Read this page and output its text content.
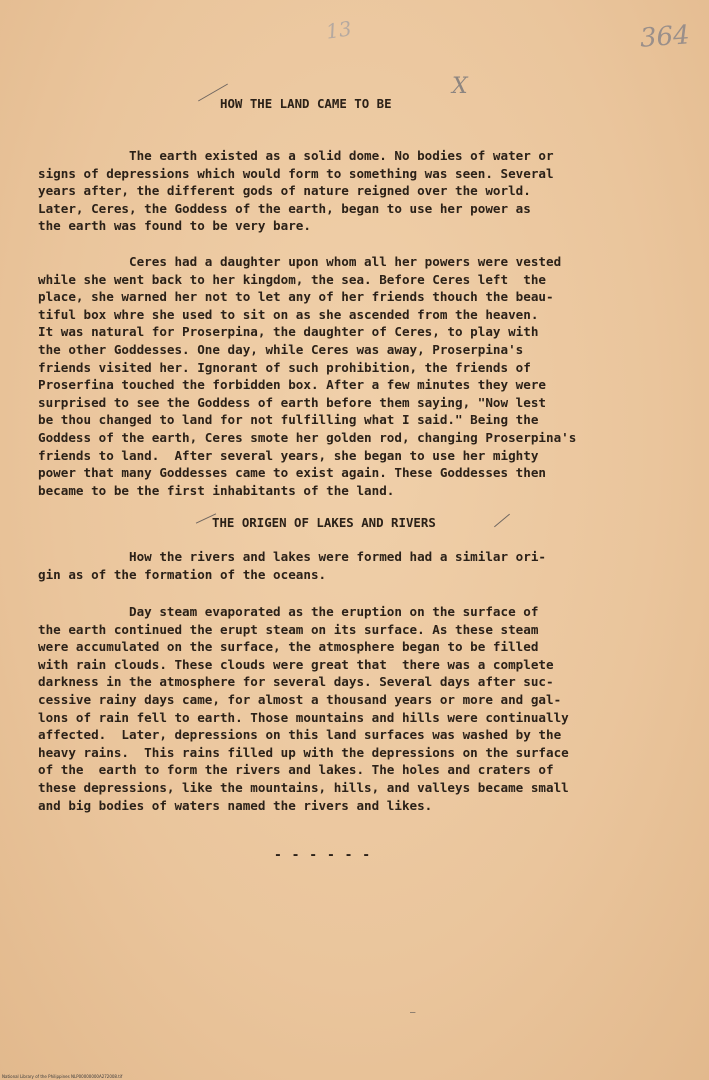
13	364
X
HOW THE LAND CAME TO BE
The earth existed as a solid dome. No bodies of water or
signs of depressions which would form to something was seen. Several
years after, the different gods of nature reigned over the world.
Later, Ceres, the Goddess of the earth, began to use her power as
the earth was found to be very bare.
Ceres had a daughter upon whom all her powers were vested
while she went back to her kingdom, the sea. Before Ceres left  the
place, she warned her not to let any of her friends thouch the beau-
tiful box whre she used to sit on as she ascended from the heaven.
It was natural for Proserpina, the daughter of Ceres, to play with
the other Goddesses. One day, while Ceres was away, Proserpina's
friends visited her. Ignorant of such prohibition, the friends of
Proserfina touched the forbidden box. After a few minutes they were
surprised to see the Goddess of earth before them saying, "Now lest
be thou changed to land for not fulfilling what I said." Being the
Goddess of the earth, Ceres smote her golden rod, changing Proserpina's
friends to land.  After several years, she began to use her mighty
power that many Goddesses came to exist again. These Goddesses then
became to be the first inhabitants of the land.
THE ORIGEN OF LAKES AND RIVERS
How the rivers and lakes were formed had a similar ori-
gin as of the formation of the oceans.
Day steam evaporated as the eruption on the surface of
the earth continued the erupt steam on its surface. As these steam
were accumulated on the surface, the atmosphere began to be filled
with rain clouds. These clouds were great that  there was a complete
darkness in the atmosphere for several days. Several days after suc-
cessive rainy days came, for almost a thousand years or more and gal-
lons of rain fell to earth. Those mountains and hills were continually
affected.  Later, depressions on this land surfaces was washed by the
heavy rains.  This rains filled up with the depressions on the surface
of the  earth to form the rivers and lakes. The holes and craters of
these depressions, like the mountains, hills, and valleys became small
and big bodies of waters named the rivers and likes.
- - - - - -
—
National Library of the Philippines NLP00000000A272008.tif
